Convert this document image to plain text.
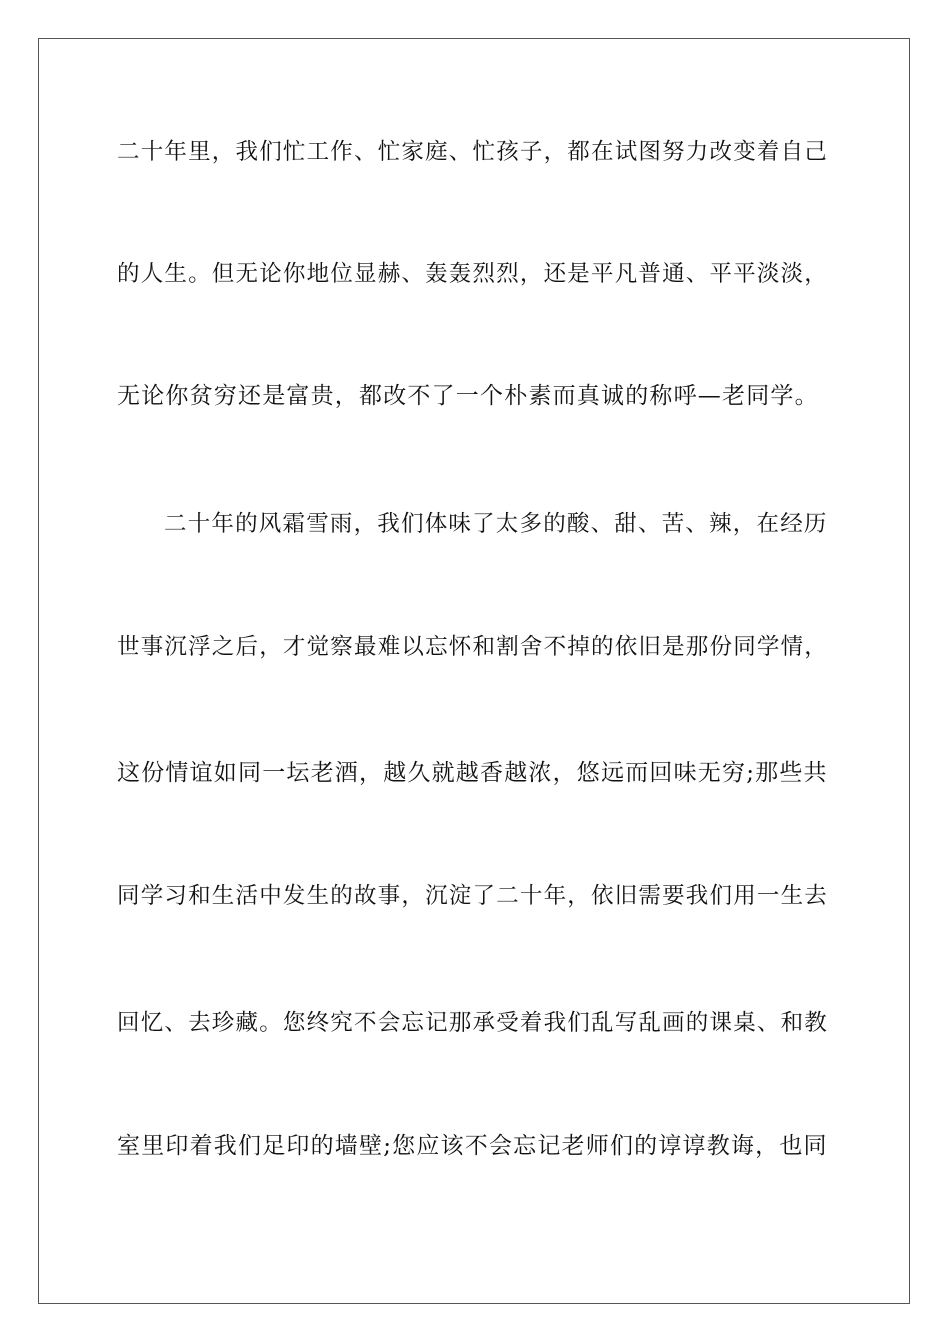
二十年里，我们忙工作、忙家庭、忙孩子，都在试图努力改变着自己
的人生。但无论你地位显赫、轰轰烈烈，还是平凡普通、平平淡淡，
无论你贫穷还是富贵，都改不了一个朴素而真诚的称呼—老同学。
二十年的风霜雪雨，我们体味了太多的酸、甜、苦、辣，在经历
世事沉浮之后，才觉察最难以忘怀和割舍不掉的依旧是那份同学情，
这份情谊如同一坛老酒，越久就越香越浓，悠远而回味无穷;那些共
同学习和生活中发生的故事，沉淀了二十年，依旧需要我们用一生去
回忆、去珍藏。您终究不会忘记那承受着我们乱写乱画的课桌、和教
室里印着我们足印的墙壁;您应该不会忘记老师们的谆谆教诲，也同
